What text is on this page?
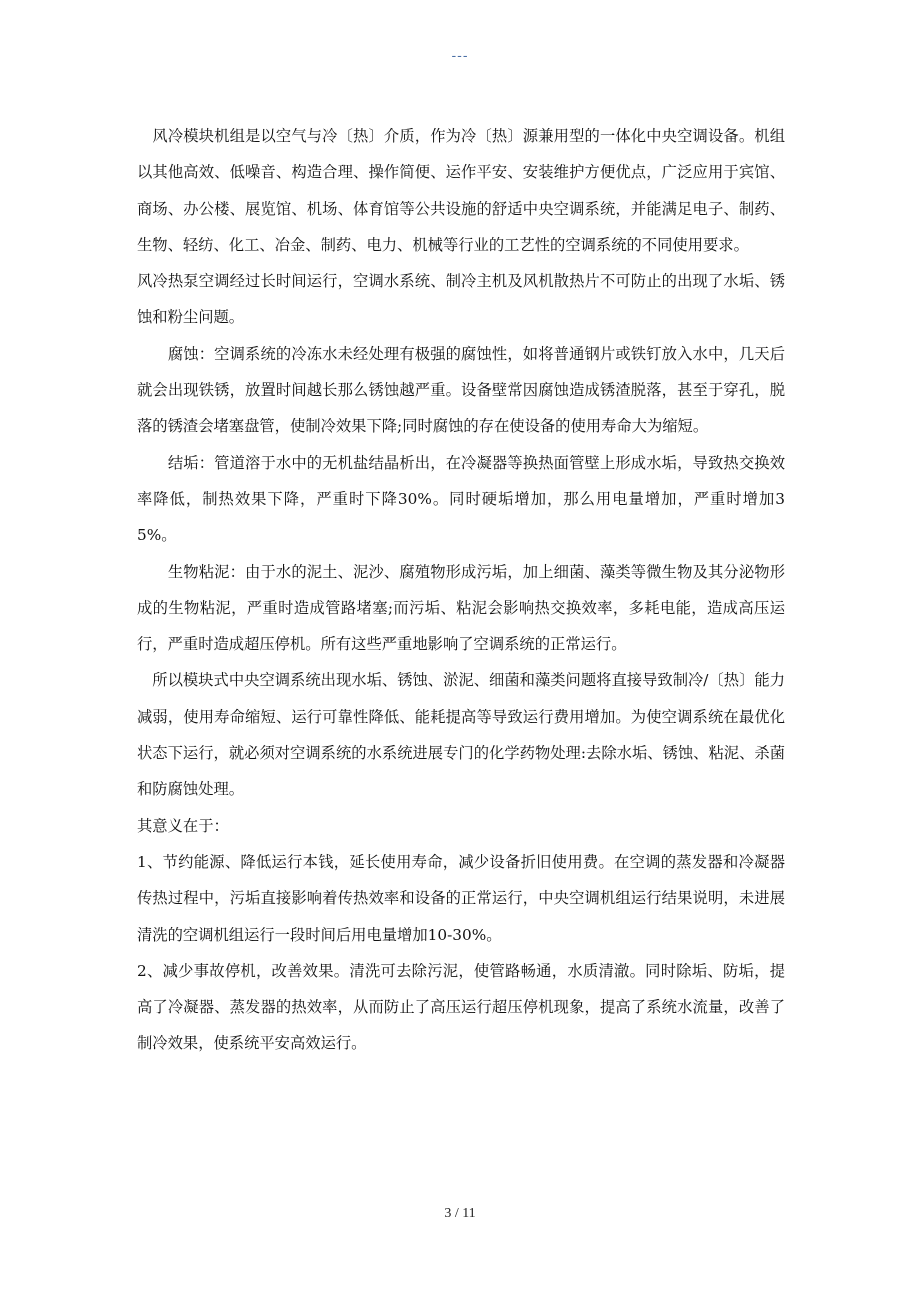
---

　风冷模块机组是以空气与冷〔热〕介质，作为冷〔热〕源兼用型的一体化中央空调设备。机组以其他高效、低噪音、构造合理、操作简便、运作平安、安装维护方便优点，广泛应用于宾馆、商场、办公楼、展览馆、机场、体育馆等公共设施的舒适中央空调系统，并能满足电子、制药、生物、轻纺、化工、冶金、制药、电力、机械等行业的工艺性的空调系统的不同使用要求。

风冷热泵空调经过长时间运行，空调水系统、制冷主机及风机散热片不可防止的出现了水垢、锈蚀和粉尘问题。

　　腐蚀：空调系统的冷冻水未经处理有极强的腐蚀性，如将普通钢片或铁钉放入水中，几天后就会出现铁锈，放置时间越长那么锈蚀越严重。设备壁常因腐蚀造成锈渣脱落，甚至于穿孔，脱落的锈渣会堵塞盘管，使制冷效果下降;同时腐蚀的存在使设备的使用寿命大为缩短。

　　结垢：管道溶于水中的无机盐结晶析出，在冷凝器等换热面管壁上形成水垢，导致热交换效率降低，制热效果下降，严重时下降30%。同时硬垢增加，那么用电量增加，严重时增加35%。

　　生物粘泥：由于水的泥土、泥沙、腐殖物形成污垢，加上细菌、藻类等微生物及其分泌物形成的生物粘泥，严重时造成管路堵塞;而污垢、粘泥会影响热交换效率，多耗电能，造成高压运行，严重时造成超压停机。所有这些严重地影响了空调系统的正常运行。

　所以模块式中央空调系统出现水垢、锈蚀、淤泥、细菌和藻类问题将直接导致制冷/〔热〕能力减弱，使用寿命缩短、运行可靠性降低、能耗提高等导致运行费用增加。为使空调系统在最优化状态下运行，就必须对空调系统的水系统进展专门的化学药物处理:去除水垢、锈蚀、粘泥、杀菌和防腐蚀处理。

其意义在于：

1、节约能源、降低运行本钱，延长使用寿命，减少设备折旧使用费。在空调的蒸发器和冷凝器传热过程中，污垢直接影响着传热效率和设备的正常运行，中央空调机组运行结果说明，未进展清洗的空调机组运行一段时间后用电量增加10-30%。

2、减少事故停机，改善效果。清洗可去除污泥，使管路畅通，水质清澈。同时除垢、防垢，提高了冷凝器、蒸发器的热效率，从而防止了高压运行超压停机现象，提高了系统水流量，改善了制冷效果，使系统平安高效运行。

3 / 11
